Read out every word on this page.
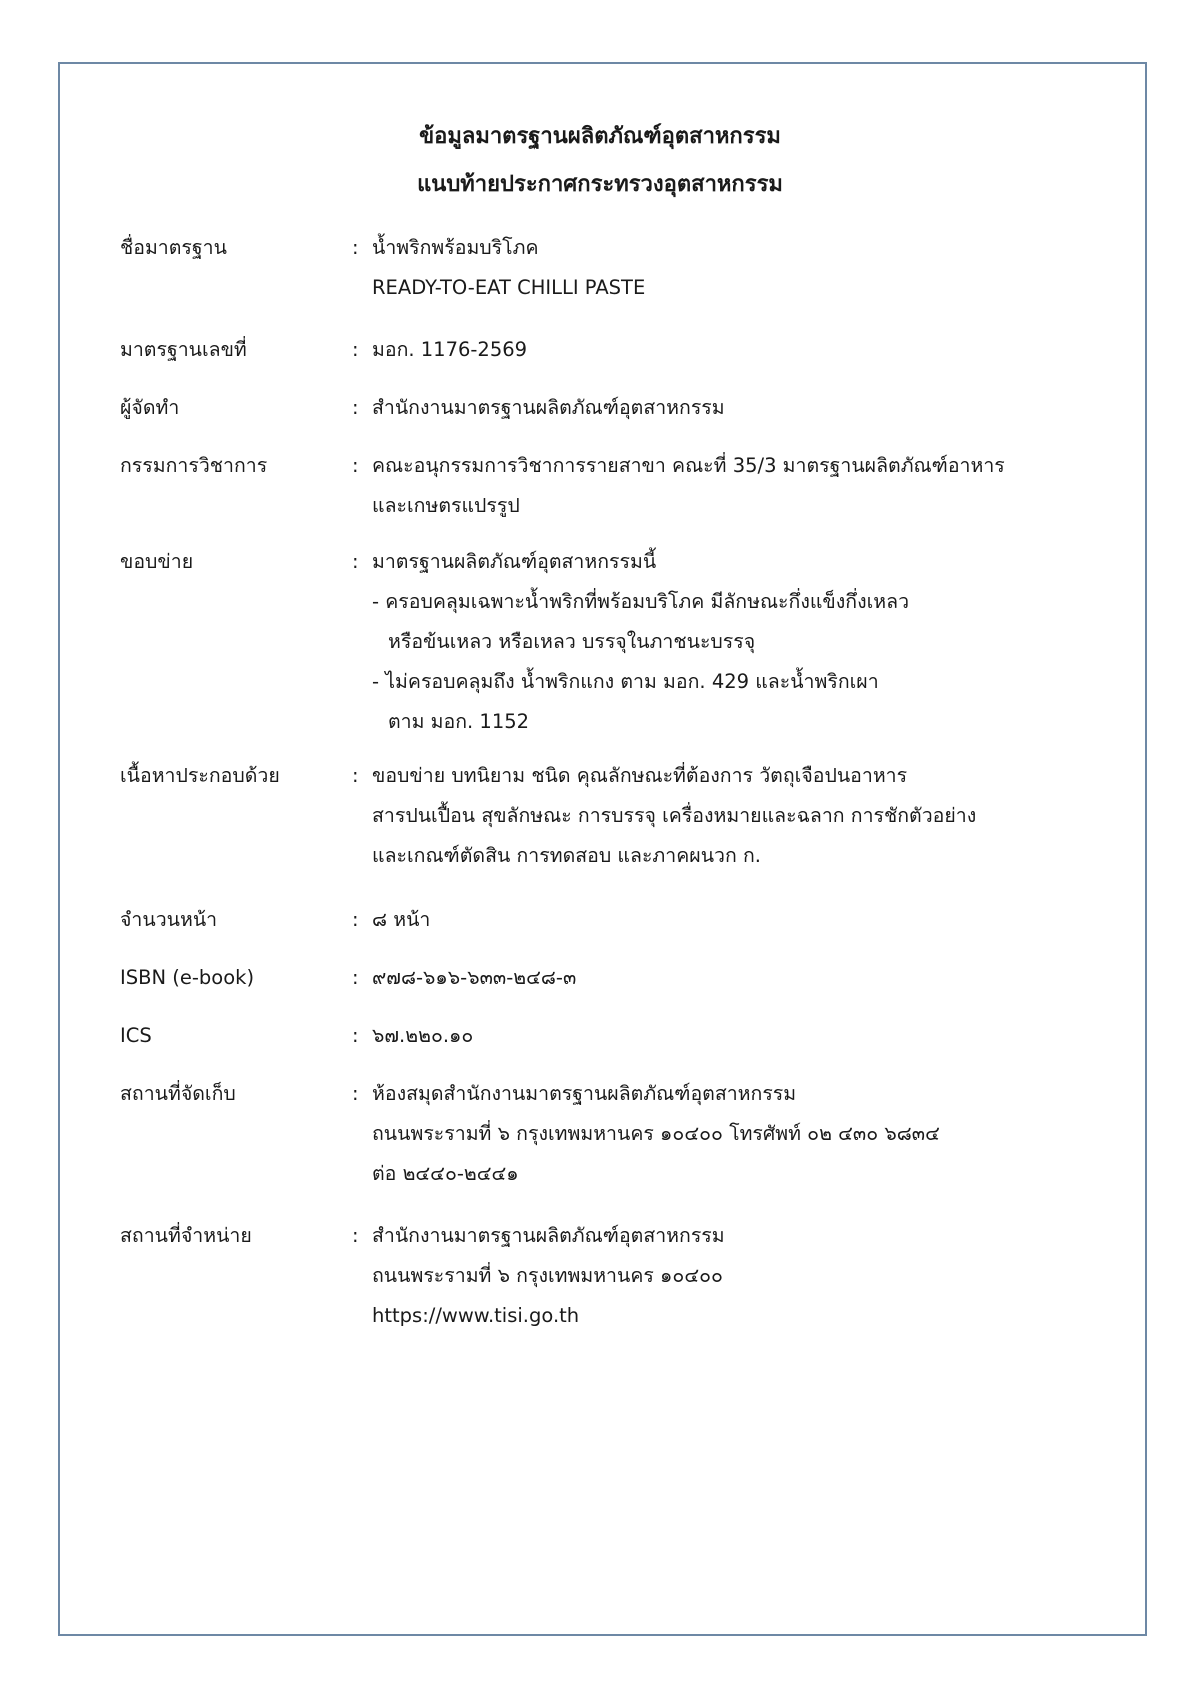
ข้อมูลมาตรฐานผลิตภัณฑ์อุตสาหกรรม
แนบท้ายประกาศกระทรวงอุตสาหกรรม
ชื่อมาตรฐาน	: น้ำพริกพร้อมบริโภค
READY-TO-EAT CHILLI PASTE
มาตรฐานเลขที่	: มอก. 1176-2569
ผู้จัดทำ	: สำนักงานมาตรฐานผลิตภัณฑ์อุตสาหกรรม
กรรมการวิชาการ	: คณะอนุกรรมการวิชาการรายสาขา คณะที่ 35/3 มาตรฐานผลิตภัณฑ์อาหาร
และเกษตรแปรรูป
ขอบข่าย	: มาตรฐานผลิตภัณฑ์อุตสาหกรรมนี้
- ครอบคลุมเฉพาะน้ำพริกที่พร้อมบริโภค มีลักษณะกึ่งแข็งกึ่งเหลว
หรือข้นเหลว หรือเหลว บรรจุในภาชนะบรรจุ
- ไม่ครอบคลุมถึง น้ำพริกแกง ตาม มอก. 429 และน้ำพริกเผา
ตาม มอก. 1152
เนื้อหาประกอบด้วย	: ขอบข่าย บทนิยาม ชนิด คุณลักษณะที่ต้องการ วัตถุเจือปนอาหาร
สารปนเปื้อน สุขลักษณะ การบรรจุ เครื่องหมายและฉลาก การชักตัวอย่าง
และเกณฑ์ตัดสิน การทดสอบ และภาคผนวก ก.
จำนวนหน้า	: ๘ หน้า
ISBN (e-book)	: ๙๗๘-๖๑๖-๖๓๓-๒๔๘-๓
ICS	: ๖๗.๒๒๐.๑๐
สถานที่จัดเก็บ	: ห้องสมุดสำนักงานมาตรฐานผลิตภัณฑ์อุตสาหกรรม
ถนนพระรามที่ ๖ กรุงเทพมหานคร ๑๐๔๐๐ โทรศัพท์ ๐๒ ๔๓๐ ๖๘๓๔
ต่อ ๒๔๔๐-๒๔๔๑
สถานที่จำหน่าย	: สำนักงานมาตรฐานผลิตภัณฑ์อุตสาหกรรม
ถนนพระรามที่ ๖ กรุงเทพมหานคร ๑๐๔๐๐
https://www.tisi.go.th
